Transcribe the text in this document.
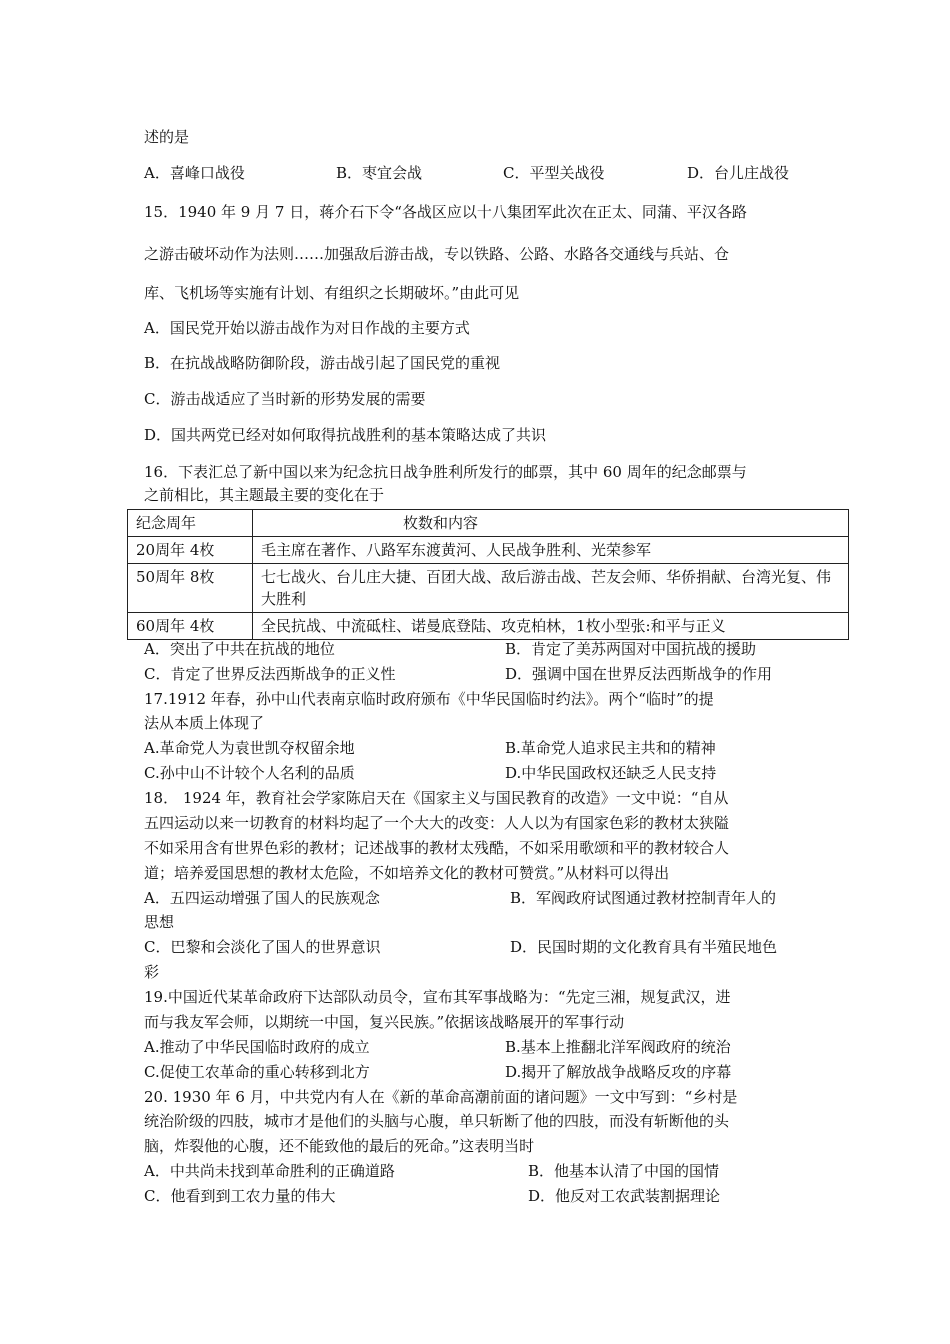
述的是
A．喜峰口战役	B．枣宜会战	C．平型关战役	D．台儿庄战役
15．1940 年 9 月 7 日，蒋介石下令“各战区应以十八集团军此次在正太、同蒲、平汉各路
之游击破坏动作为法则……加强敌后游击战，专以铁路、公路、水路各交通线与兵站、仓
库、飞机场等实施有计划、有组织之长期破坏。”由此可见
A．国民党开始以游击战作为对日作战的主要方式
B．在抗战战略防御阶段，游击战引起了国民党的重视
C．游击战适应了当时新的形势发展的需要
D．国共两党已经对如何取得抗战胜利的基本策略达成了共识
16．下表汇总了新中国以来为纪念抗日战争胜利所发行的邮票，其中 60 周年的纪念邮票与
之前相比，其主题最主要的变化在于
纪念周年	枚数和内容
20周年 4枚	毛主席在著作、八路军东渡黄河、人民战争胜利、光荣参军
50周年 8枚	七七战火、台儿庄大捷、百团大战、敌后游击战、芒友会师、华侨捐献、台湾光复、伟大胜利
60周年 4枚	全民抗战、中流砥柱、诺曼底登陆、攻克柏林，1枚小型张:和平与正义
A．突出了中共在抗战的地位	B．肯定了美苏两国对中国抗战的援助
C．肯定了世界反法西斯战争的正义性	D．强调中国在世界反法西斯战争的作用
17.1912 年春，孙中山代表南京临时政府颁布《中华民国临时约法》。两个“临时”的提
法从本质上体现了
A.革命党人为袁世凯夺权留余地	B.革命党人追求民主共和的精神
C.孙中山不计较个人名利的品质	D.中华民国政权还缺乏人民支持
18． 1924 年，教育社会学家陈启天在《国家主义与国民教育的改造》一文中说：“自从
五四运动以来一切教育的材料均起了一个大大的改变：人人以为有国家色彩的教材太狭隘
不如采用含有世界色彩的教材；记述战事的教材太残酷，不如采用歌颂和平的教材较合人
道；培养爱国思想的教材太危险，不如培养文化的教材可赞赏。”从材料可以得出
A．五四运动增强了国人的民族观念	B．军阀政府试图通过教材控制青年人的
思想
C．巴黎和会淡化了国人的世界意识	D．民国时期的文化教育具有半殖民地色
彩
19.中国近代某革命政府下达部队动员令，宣布其军事战略为：“先定三湘，规复武汉，进
而与我友军会师，以期统一中国，复兴民族。”依据该战略展开的军事行动
A.推动了中华民国临时政府的成立	B.基本上推翻北洋军阀政府的统治
C.促使工农革命的重心转移到北方	D.揭开了解放战争战略反攻的序幕
20. 1930 年 6 月，中共党内有人在《新的革命高潮前面的诸问题》一文中写到：“乡村是
统治阶级的四肢，城市才是他们的头脑与心腹，单只斩断了他的四肢，而没有斩断他的头
脑，炸裂他的心腹，还不能致他的最后的死命。”这表明当时
A．中共尚未找到革命胜利的正确道路	B．他基本认清了中国的国情
C．他看到到工农力量的伟大	D．他反对工农武装割据理论
